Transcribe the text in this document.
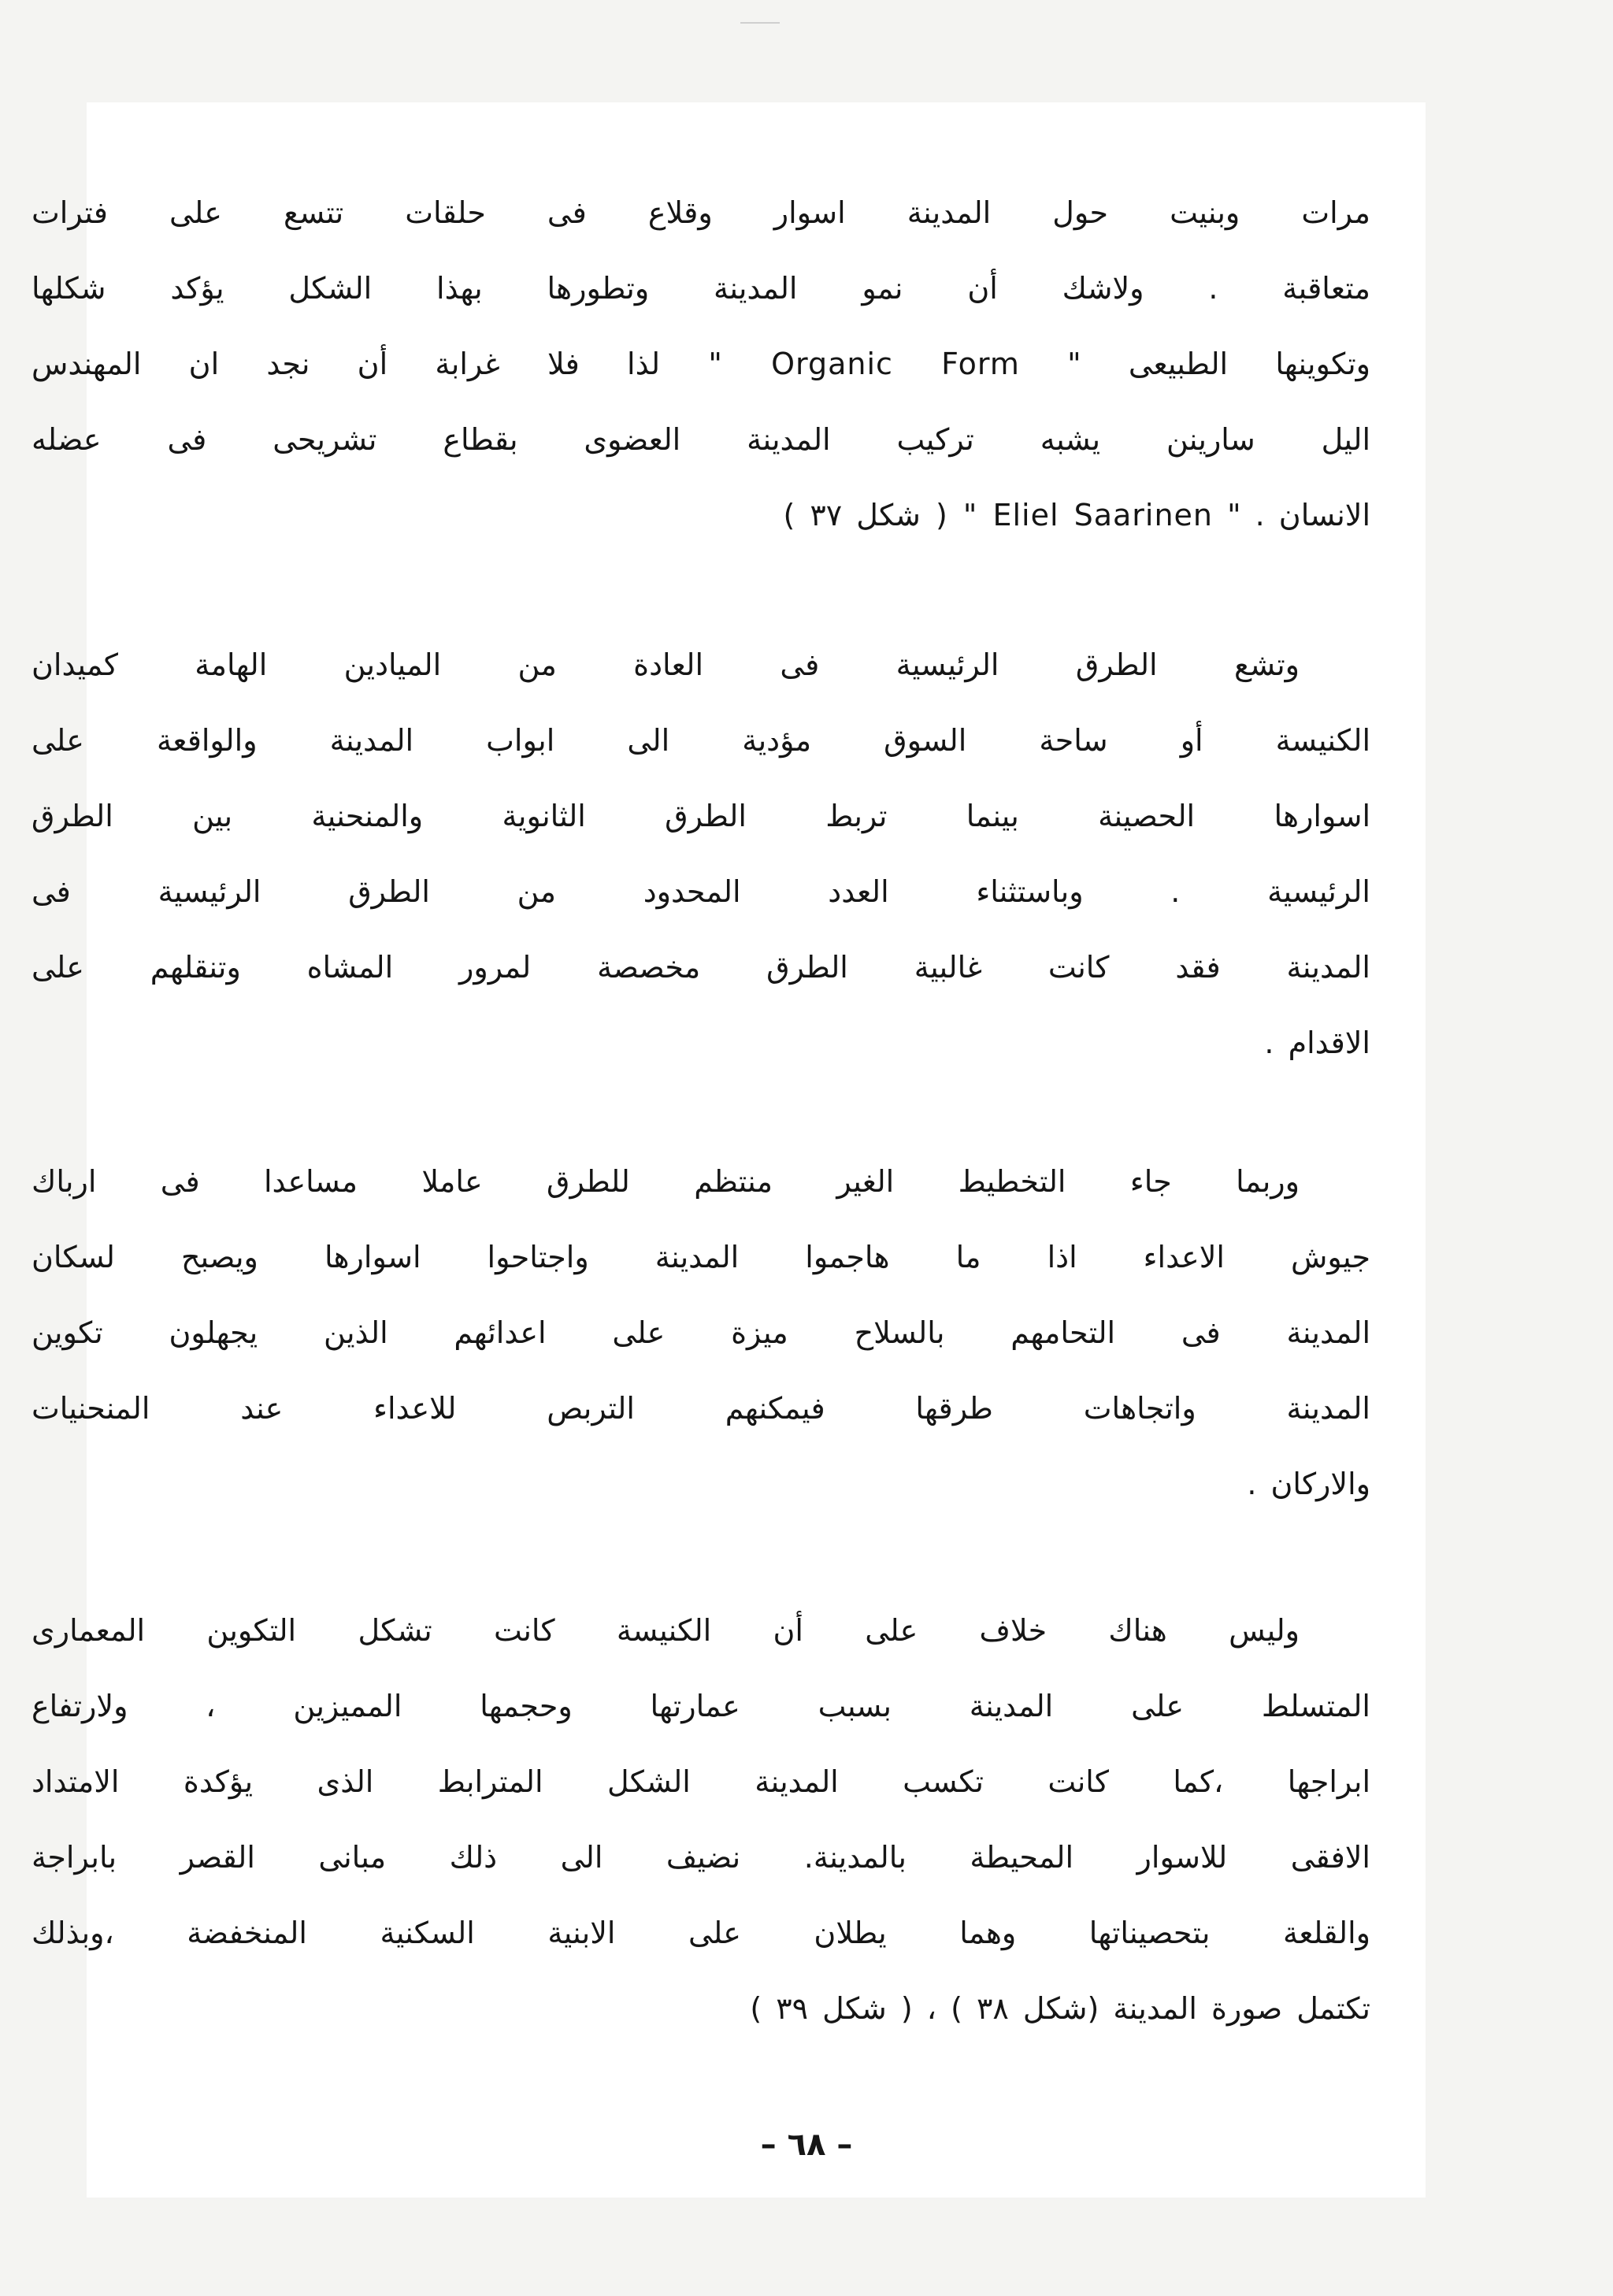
مرات وبنيت حول المدينة اسوار وقلاع فى حلقات تتسع على فترات
متعاقبة . ولاشك أن نمو المدينة وتطورها بهذا الشكل يؤكد شكلها
وتكوينها الطبيعى " Organic Form " لذا فلا غرابة أن نجد ان المهندس
اليل سارينن يشبه تركيب المدينة العضوى بقطاع تشريحى فى عضله
الانسان . " Eliel Saarinen " ( شكل ٣٧ )
وتشع الطرق الرئيسية فى العادة من الميادين الهامة كميدان
الكنيسة أو ساحة السوق مؤدية الى ابواب المدينة والواقعة على
اسوارها الحصينة بينما تربط الطرق الثانوية والمنحنية بين الطرق
الرئيسية . وباستثناء العدد المحدود من الطرق الرئيسية فى
المدينة فقد كانت غالبية الطرق مخصصة لمرور المشاه وتنقلهم على
الاقدام .
وربما جاء التخطيط الغير منتظم للطرق عاملا مساعدا فى ارباك
جيوش الاعداء اذا ما هاجموا المدينة واجتاحوا اسوارها ويصبح لسكان
المدينة فى التحامهم بالسلاح ميزة على اعدائهم الذين يجهلون تكوين
المدينة واتجاهات طرقها فيمكنهم التربص للاعداء عند المنحنيات
والاركان .
وليس هناك خلاف على أن الكنيسة كانت تشكل التكوين المعمارى
المتسلط على المدينة بسبب عمارتها وحجمها المميزين ، ولارتفاع
ابراجها ،كما كانت تكسب المدينة الشكل المترابط الذى يؤكدة الامتداد
الافقى للاسوار المحيطة بالمدينة. نضيف الى ذلك مبانى القصر بابراجة
والقلعة بتحصيناتها وهما يطلان على الابنية السكنية المنخفضة ،وبذلك
تكتمل صورة المدينة (شكل ٣٨ ) ، ( شكل ٣٩ )
– ٦٨ –
